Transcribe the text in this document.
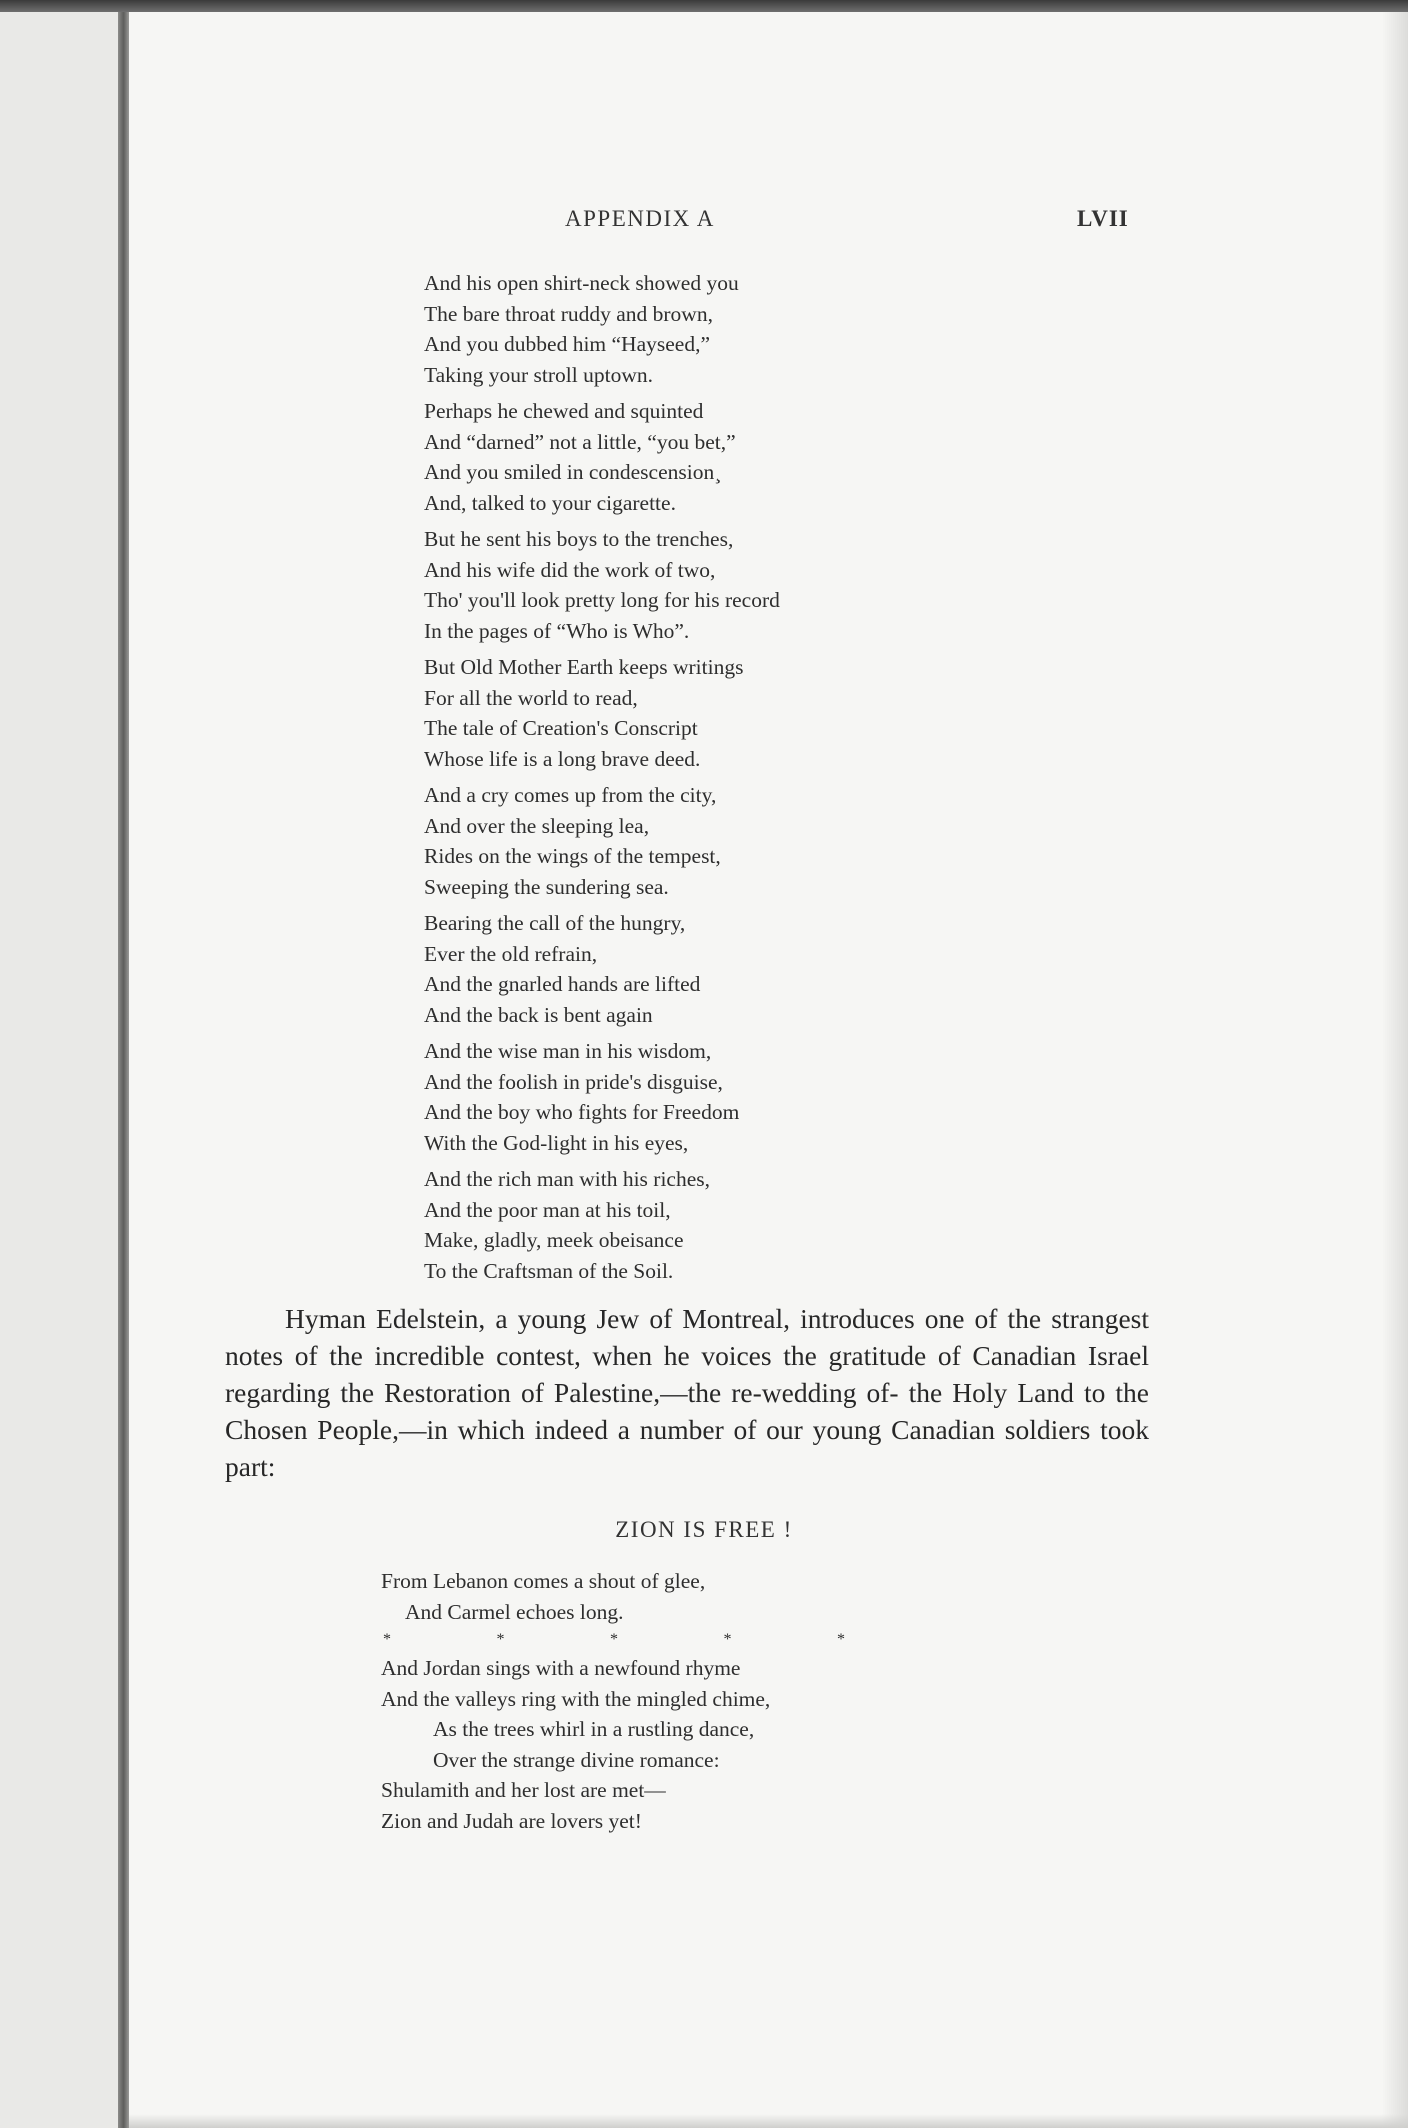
APPENDIX A	LVII
And his open shirt-neck showed you
The bare throat ruddy and brown,
And you dubbed him “Hayseed,”
Taking your stroll uptown.
Perhaps he chewed and squinted
And “darned” not a little, “you bet,”
And you smiled in condescension¸
And, talked to your cigarette.
But he sent his boys to the trenches,
And his wife did the work of two,
Tho' you'll look pretty long for his record
In the pages of “Who is Who”.
But Old Mother Earth keeps writings
For all the world to read,
The tale of Creation's Conscript
Whose life is a long brave deed.
And a cry comes up from the city,
And over the sleeping lea,
Rides on the wings of the tempest,
Sweeping the sundering sea.
Bearing the call of the hungry,
Ever the old refrain,
And the gnarled hands are lifted
And the back is bent again
And the wise man in his wisdom,
And the foolish in pride's disguise,
And the boy who fights for Freedom
With the God-light in his eyes,
And the rich man with his riches,
And the poor man at his toil,
Make, gladly, meek obeisance
To the Craftsman of the Soil.

Hyman Edelstein, a young Jew of Montreal, introduces one of the strangest notes of the incredible contest, when he voices the gratitude of Canadian Israel regarding the Restoration of Palestine,—the re-wedding of- the Holy Land to the Chosen People,—in which indeed a number of our young Canadian soldiers took part:

ZION IS FREE !
From Lebanon comes a shout of glee,
And Carmel echoes long.
*	*	*	*	*
And Jordan sings with a newfound rhyme
And the valleys ring with the mingled chime,
As the trees whirl in a rustling dance,
Over the strange divine romance:
Shulamith and her lost are met—
Zion and Judah are lovers yet!
